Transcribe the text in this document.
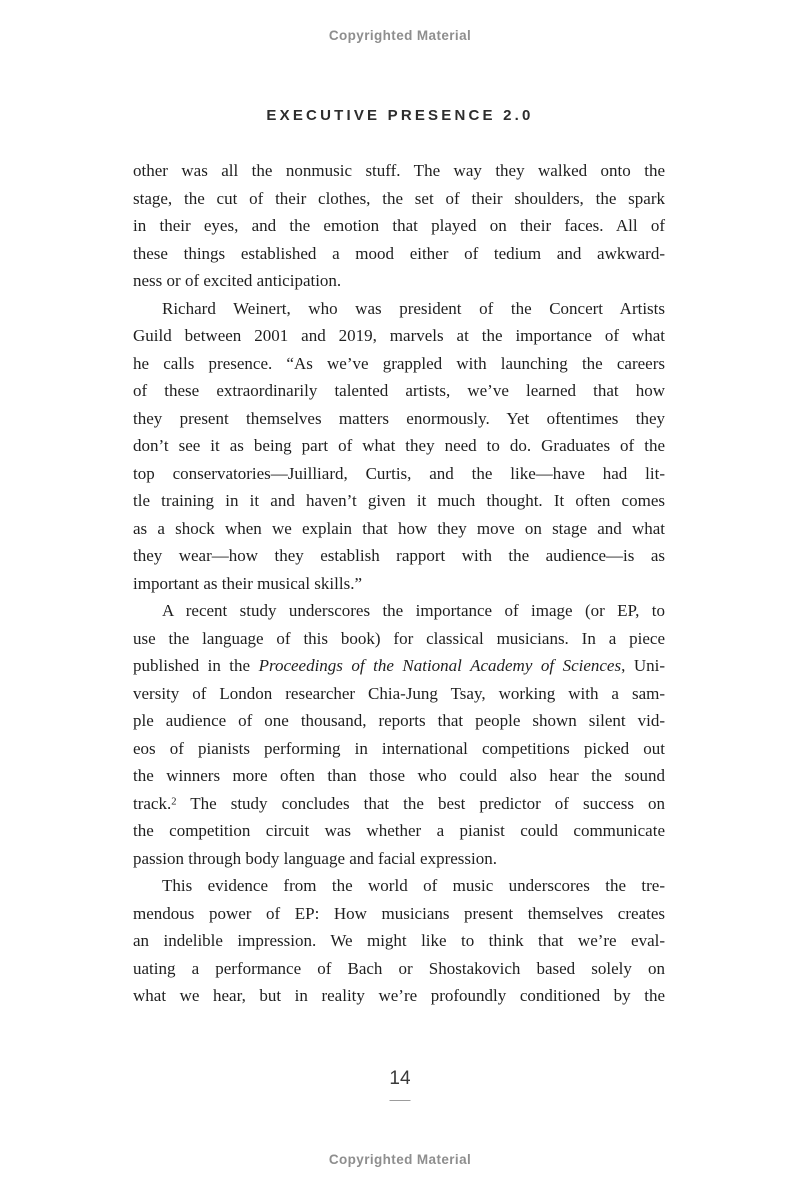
Copyrighted Material
EXECUTIVE PRESENCE 2.0
other was all the nonmusic stuff. The way they walked onto the
stage, the cut of their clothes, the set of their shoulders, the spark
in their eyes, and the emotion that played on their faces. All of
these things established a mood either of tedium and awkward-
ness or of excited anticipation.
Richard Weinert, who was president of the Concert Artists
Guild between 2001 and 2019, marvels at the importance of what
he calls presence. “As we’ve grappled with launching the careers
of these extraordinarily talented artists, we’ve learned that how
they present themselves matters enormously. Yet oftentimes they
don’t see it as being part of what they need to do. Graduates of the
top conservatories—Juilliard, Curtis, and the like—have had lit-
tle training in it and haven’t given it much thought. It often comes
as a shock when we explain that how they move on stage and what
they wear—how they establish rapport with the audience—is as
important as their musical skills.”
A recent study underscores the importance of image (or EP, to
use the language of this book) for classical musicians. In a piece
published in the Proceedings of the National Academy of Sciences, Uni-
versity of London researcher Chia-Jung Tsay, working with a sam-
ple audience of one thousand, reports that people shown silent vid-
eos of pianists performing in international competitions picked out
the winners more often than those who could also hear the sound
track.$^2$ The study concludes that the best predictor of success on
the competition circuit was whether a pianist could communicate
passion through body language and facial expression.
This evidence from the world of music underscores the tre-
mendous power of EP: How musicians present themselves creates
an indelible impression. We might like to think that we’re eval-
uating a performance of Bach or Shostakovich based solely on
what we hear, but in reality we’re profoundly conditioned by the
14
Copyrighted Material
